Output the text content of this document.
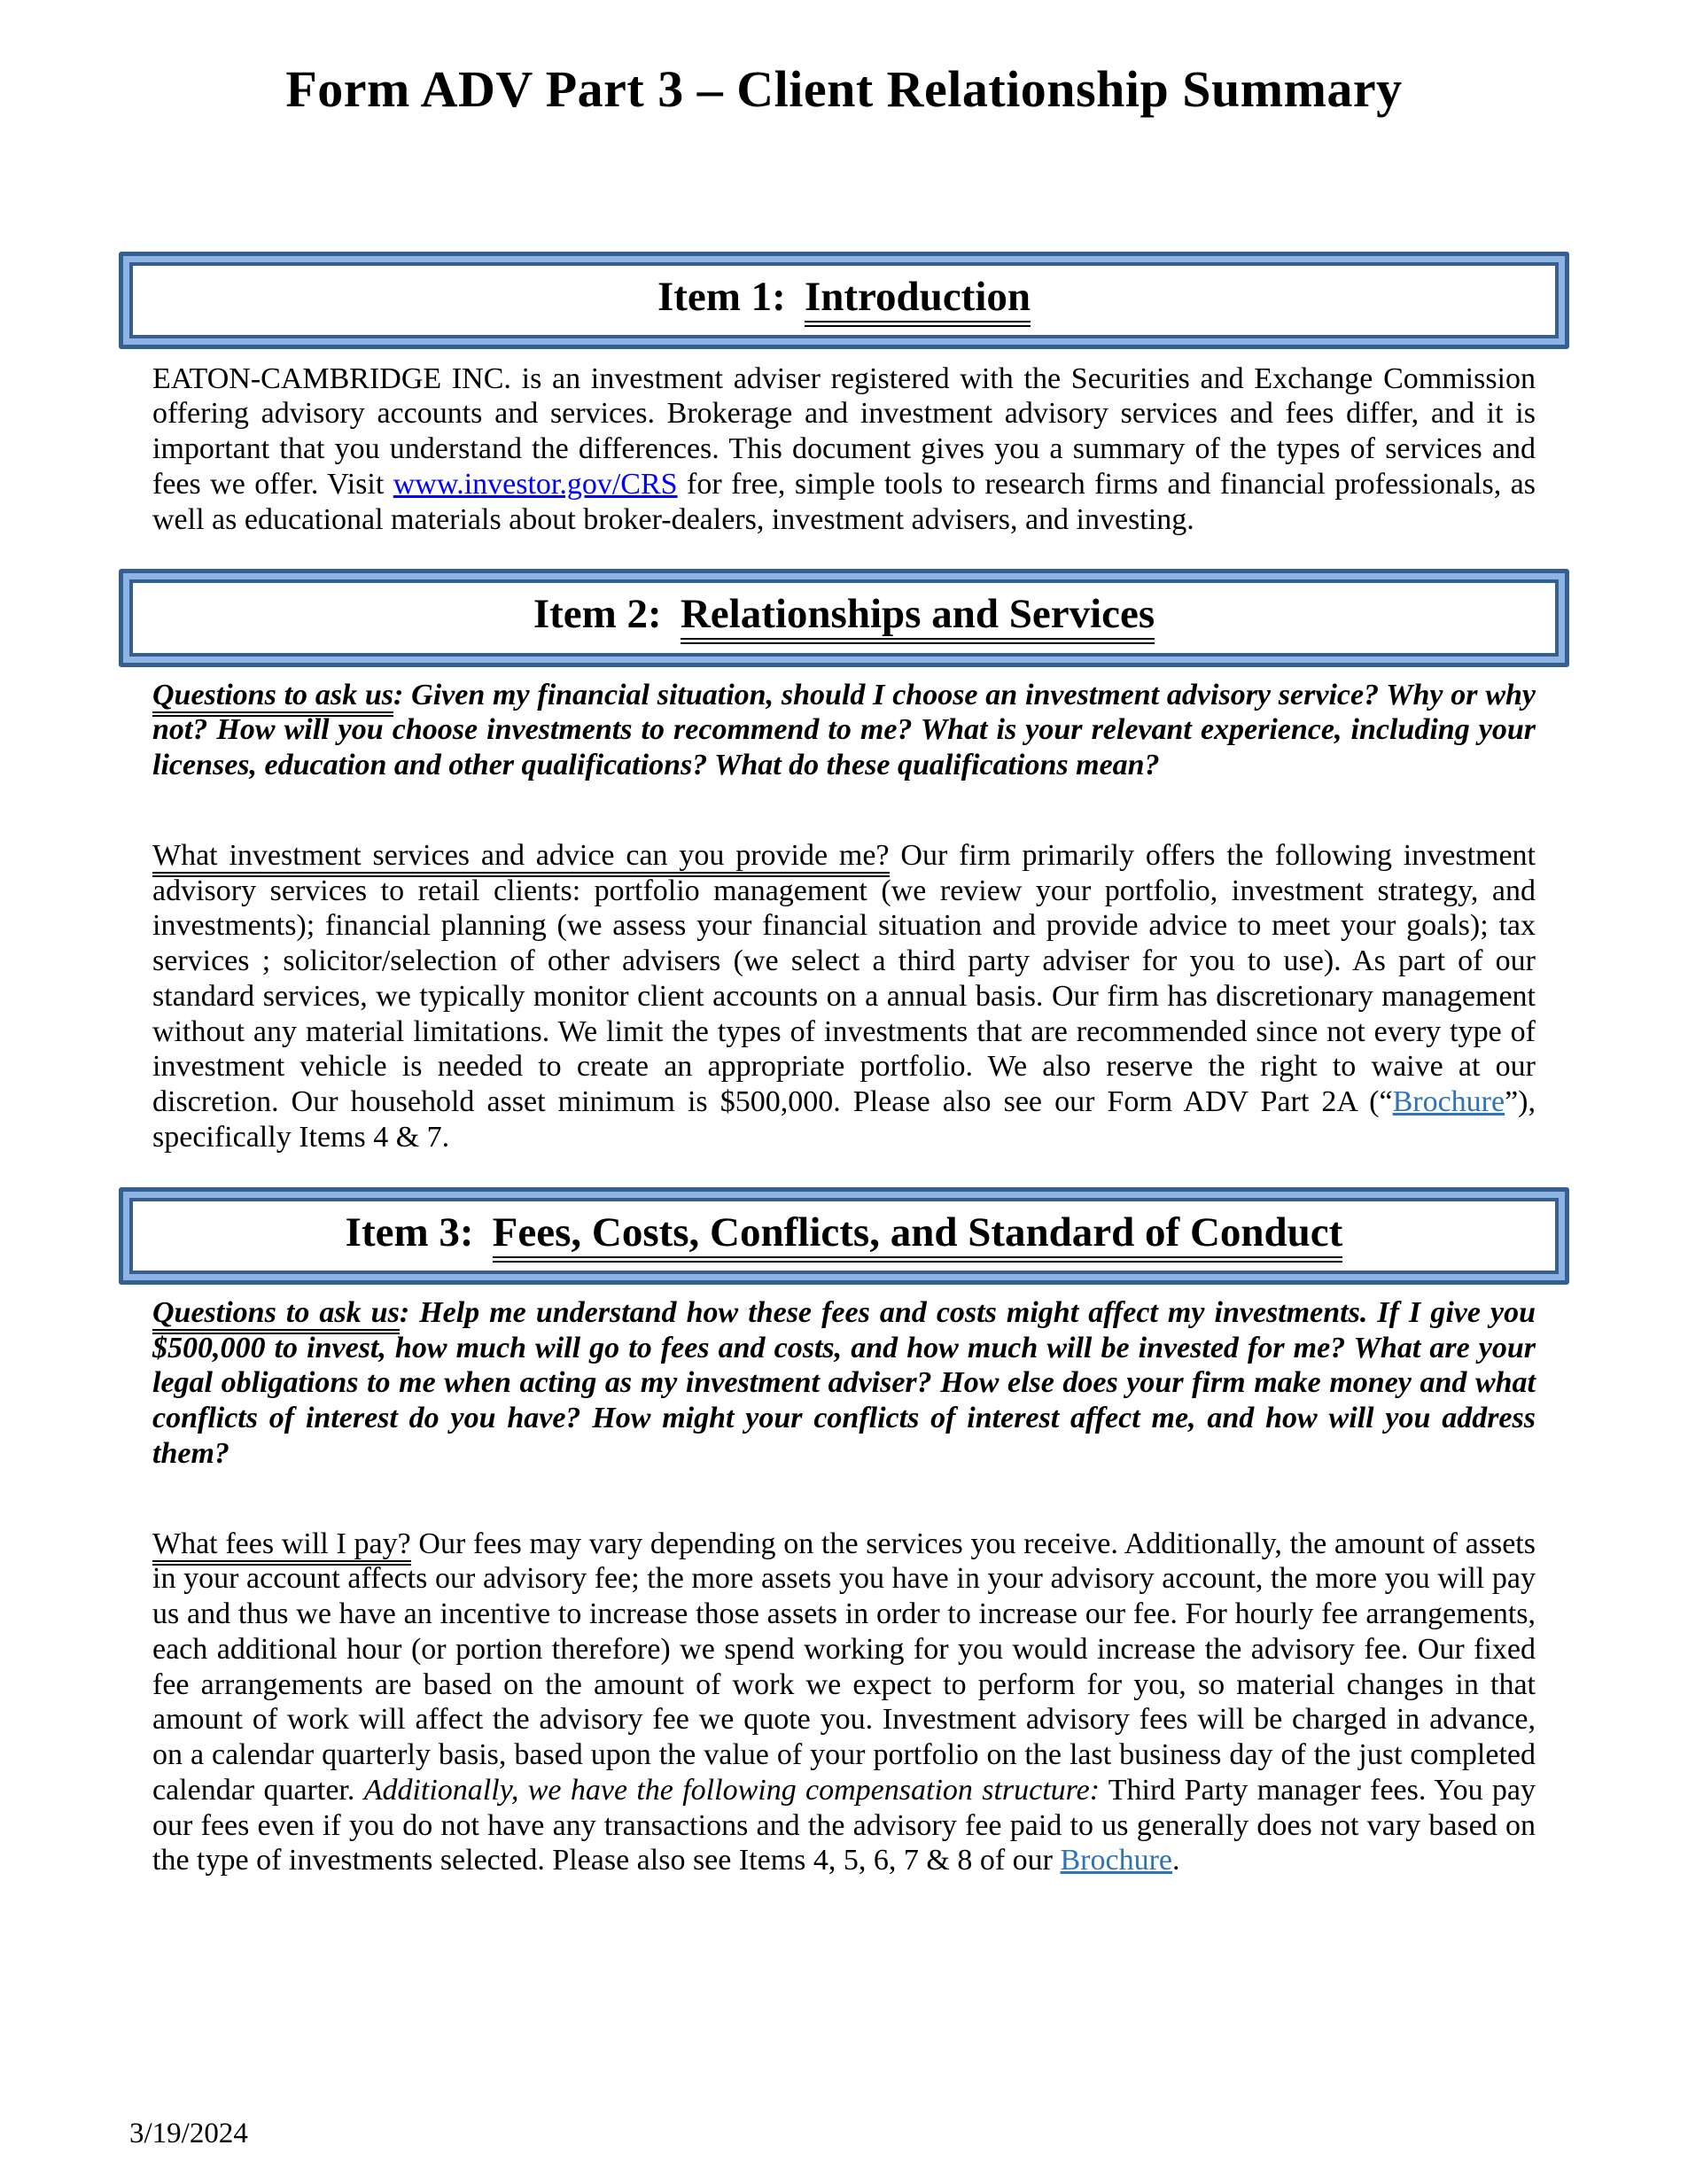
Form ADV Part 3 – Client Relationship Summary
Item 1: Introduction

EATON-CAMBRIDGE INC. is an investment adviser registered with the Securities and Exchange Commission offering advisory accounts and services. Brokerage and investment advisory services and fees differ, and it is important that you understand the differences. This document gives you a summary of the types of services and fees we offer. Visit www.investor.gov/CRS for free, simple tools to research firms and financial professionals, as well as educational materials about broker-dealers, investment advisers, and investing.

Item 2: Relationships and Services

Questions to ask us: Given my financial situation, should I choose an investment advisory service? Why or why not? How will you choose investments to recommend to me? What is your relevant experience, including your licenses, education and other qualifications? What do these qualifications mean?

What investment services and advice can you provide me? Our firm primarily offers the following investment advisory services to retail clients: portfolio management (we review your portfolio, investment strategy, and investments); financial planning (we assess your financial situation and provide advice to meet your goals); tax services ; solicitor/selection of other advisers (we select a third party adviser for you to use). As part of our standard services, we typically monitor client accounts on a annual basis. Our firm has discretionary management without any material limitations. We limit the types of investments that are recommended since not every type of investment vehicle is needed to create an appropriate portfolio. We also reserve the right to waive at our discretion. Our household asset minimum is $500,000. Please also see our Form ADV Part 2A (“Brochure”), specifically Items 4 & 7.

Item 3: Fees, Costs, Conflicts, and Standard of Conduct

Questions to ask us: Help me understand how these fees and costs might affect my investments. If I give you $500,000 to invest, how much will go to fees and costs, and how much will be invested for me? What are your legal obligations to me when acting as my investment adviser? How else does your firm make money and what conflicts of interest do you have? How might your conflicts of interest affect me, and how will you address them?

What fees will I pay? Our fees may vary depending on the services you receive. Additionally, the amount of assets in your account affects our advisory fee; the more assets you have in your advisory account, the more you will pay us and thus we have an incentive to increase those assets in order to increase our fee. For hourly fee arrangements, each additional hour (or portion therefore) we spend working for you would increase the advisory fee. Our fixed fee arrangements are based on the amount of work we expect to perform for you, so material changes in that amount of work will affect the advisory fee we quote you. Investment advisory fees will be charged in advance, on a calendar quarterly basis, based upon the value of your portfolio on the last business day of the just completed calendar quarter. Additionally, we have the following compensation structure: Third Party manager fees. You pay our fees even if you do not have any transactions and the advisory fee paid to us generally does not vary based on the type of investments selected. Please also see Items 4, 5, 6, 7 & 8 of our Brochure.

3/19/2024
